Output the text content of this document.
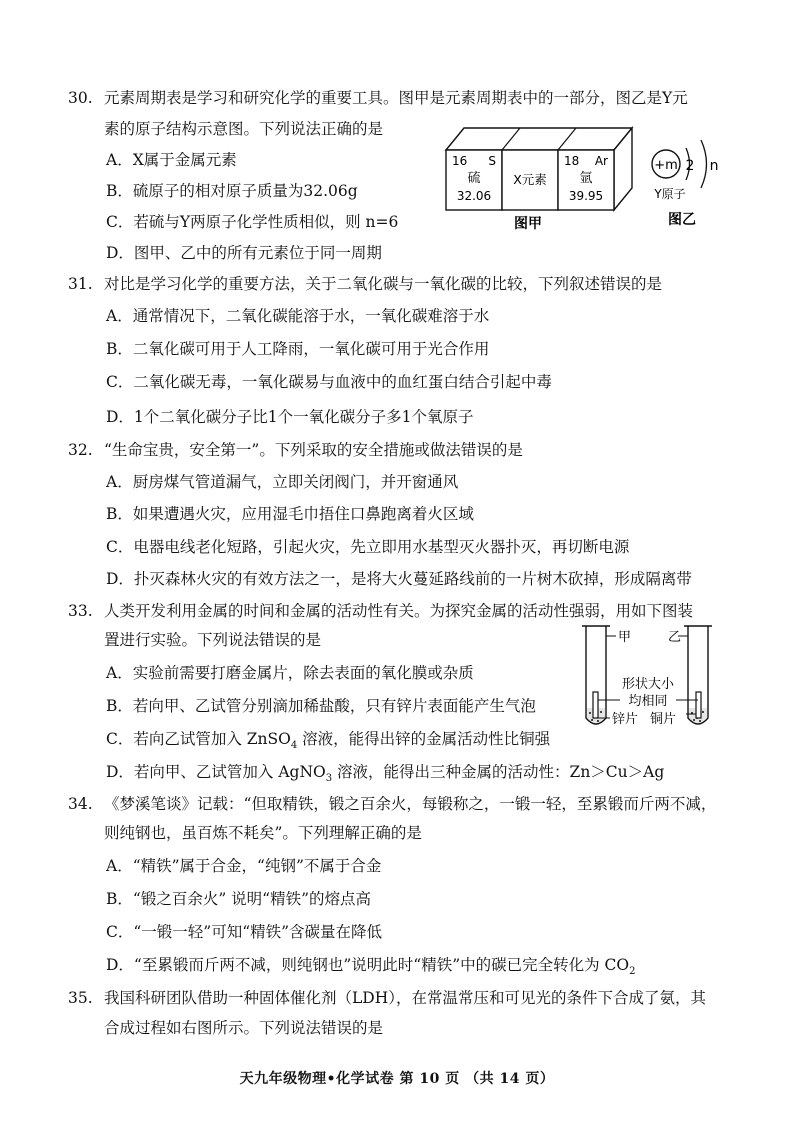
30. 元素周期表是学习和研究化学的重要工具。图甲是元素周期表中的一部分，图乙是Y元
素的原子结构示意图。下列说法正确的是
A．X属于金属元素
B．硫原子的相对原子质量为32.06g
C．若硫与Y两原子化学性质相似，则 n=6
D．图甲、乙中的所有元素位于同一周期
16 S
硫
32.06
X元素
18 Ar
氩
39.95
图甲
+m 2 n
Y原子
图乙
31. 对比是学习化学的重要方法，关于二氧化碳与一氧化碳的比较，下列叙述错误的是
A．通常情况下，二氧化碳能溶于水，一氧化碳难溶于水
B．二氧化碳可用于人工降雨，一氧化碳可用于光合作用
C．二氧化碳无毒，一氧化碳易与血液中的血红蛋白结合引起中毒
D．1个二氧化碳分子比1个一氧化碳分子多1个氧原子
32. “生命宝贵，安全第一”。下列采取的安全措施或做法错误的是
A．厨房煤气管道漏气，立即关闭阀门，并开窗通风
B．如果遭遇火灾，应用湿毛巾捂住口鼻跑离着火区域
C．电器电线老化短路，引起火灾，先立即用水基型灭火器扑灭，再切断电源
D．扑灭森林火灾的有效方法之一，是将大火蔓延路线前的一片树木砍掉，形成隔离带
33. 人类开发利用金属的时间和金属的活动性有关。为探究金属的活动性强弱，用如下图装
置进行实验。下列说法错误的是
A．实验前需要打磨金属片，除去表面的氧化膜或杂质
B．若向甲、乙试管分别滴加稀盐酸，只有锌片表面能产生气泡
C．若向乙试管加入 ZnSO$_4$ 溶液，能得出锌的金属活动性比铜强
D．若向甲、乙试管加入 AgNO$_3$ 溶液，能得出三种金属的活动性：Zn＞Cu＞Ag
甲	乙
形状大小
均相同
锌片 铜片
34. 《梦溪笔谈》记载：“但取精铁，锻之百余火，每锻称之，一锻一轻，至累锻而斤两不减，
则纯钢也，虽百炼不耗矣”。下列理解正确的是
A．“精铁”属于合金，“纯钢”不属于合金
B．“锻之百余火” 说明“精铁”的熔点高
C．“一锻一轻”可知“精铁”含碳量在降低
D．“至累锻而斤两不减，则纯钢也”说明此时“精铁”中的碳已完全转化为 $CO_2$
35. 我国科研团队借助一种固体催化剂（LDH），在常温常压和可见光的条件下合成了氨，其
合成过程如右图所示。下列说法错误的是
天九年级物理•化学试卷 第 10 页 （共 14 页）
